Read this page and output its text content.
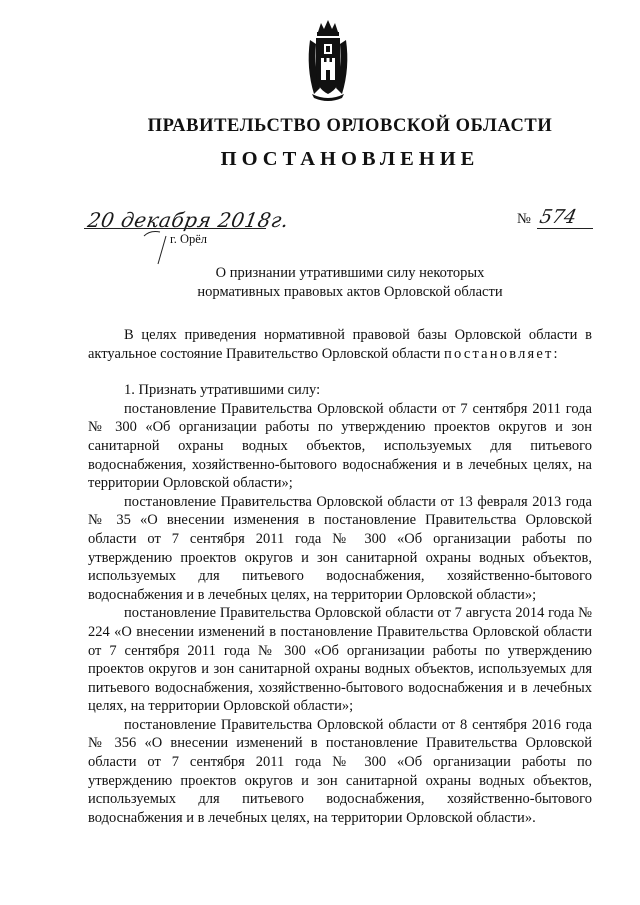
ПРАВИТЕЛЬСТВО ОРЛОВСКОЙ ОБЛАСТИ
ПОСТАНОВЛЕНИЕ
20 декабря 2018г.
г. Орёл
№ 574
О признании утратившими силу некоторых
нормативных правовых актов Орловской области

В целях приведения нормативной правовой базы Орловской области в актуальное состояние Правительство Орловской области постановляет:

1. Признать утратившими силу:

постановление Правительства Орловской области от 7 сентября 2011 года № 300 «Об организации работы по утверждению проектов округов и зон санитарной охраны водных объектов, используемых для питьевого водоснабжения, хозяйственно-бытового водоснабжения и в лечебных целях, на территории Орловской области»;

постановление Правительства Орловской области от 13 февраля 2013 года № 35 «О внесении изменения в постановление Правительства Орловской области от 7 сентября 2011 года № 300 «Об организации работы по утверждению проектов округов и зон санитарной охраны водных объектов, используемых для питьевого водоснабжения, хозяйственно-бытового водоснабжения и в лечебных целях, на территории Орловской области»;

постановление Правительства Орловской области от 7 августа 2014 года № 224 «О внесении изменений в постановление Правительства Орловской области от 7 сентября 2011 года № 300 «Об организации работы по утверждению проектов округов и зон санитарной охраны водных объектов, используемых для питьевого водоснабжения, хозяйственно-бытового водоснабжения и в лечебных целях, на территории Орловской области»;

постановление Правительства Орловской области от 8 сентября 2016 года № 356 «О внесении изменений в постановление Правительства Орловской области от 7 сентября 2011 года № 300 «Об организации работы по утверждению проектов округов и зон санитарной охраны водных объектов, используемых для питьевого водоснабжения, хозяйственно-бытового водоснабжения и в лечебных целях, на территории Орловской области».
